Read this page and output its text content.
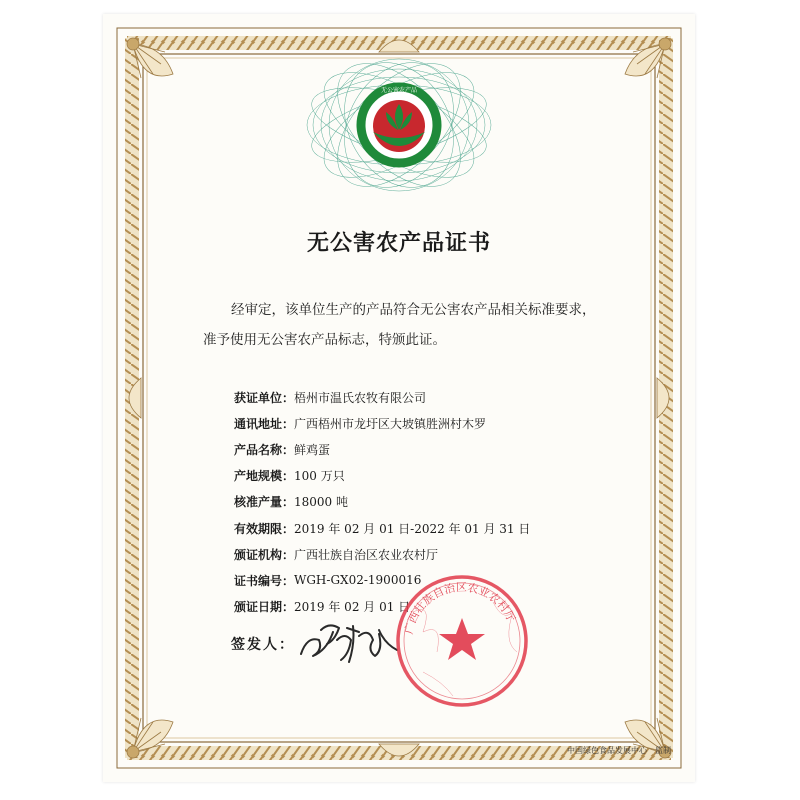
无公害农产品
无公害农产品证书
经审定，该单位生产的产品符合无公害农产品相关标准要求，
准予使用无公害农产品标志，特颁此证。
获证单位： 梧州市温氏农牧有限公司
通讯地址： 广西梧州市龙圩区大坡镇胜洲村木罗
产品名称： 鲜鸡蛋
产地规模： 100 万只
核准产量： 18000 吨
有效期限： 2019 年 02 月 01 日-2022 年 01 月 31 日
颁证机构： 广西壮族自治区农业农村厅
证书编号： WGH-GX02-1900016
颁证日期： 2019 年 02 月 01 日
签发人：
广西壮族自治区农业农村厅
中国绿色食品发展中心　监制
